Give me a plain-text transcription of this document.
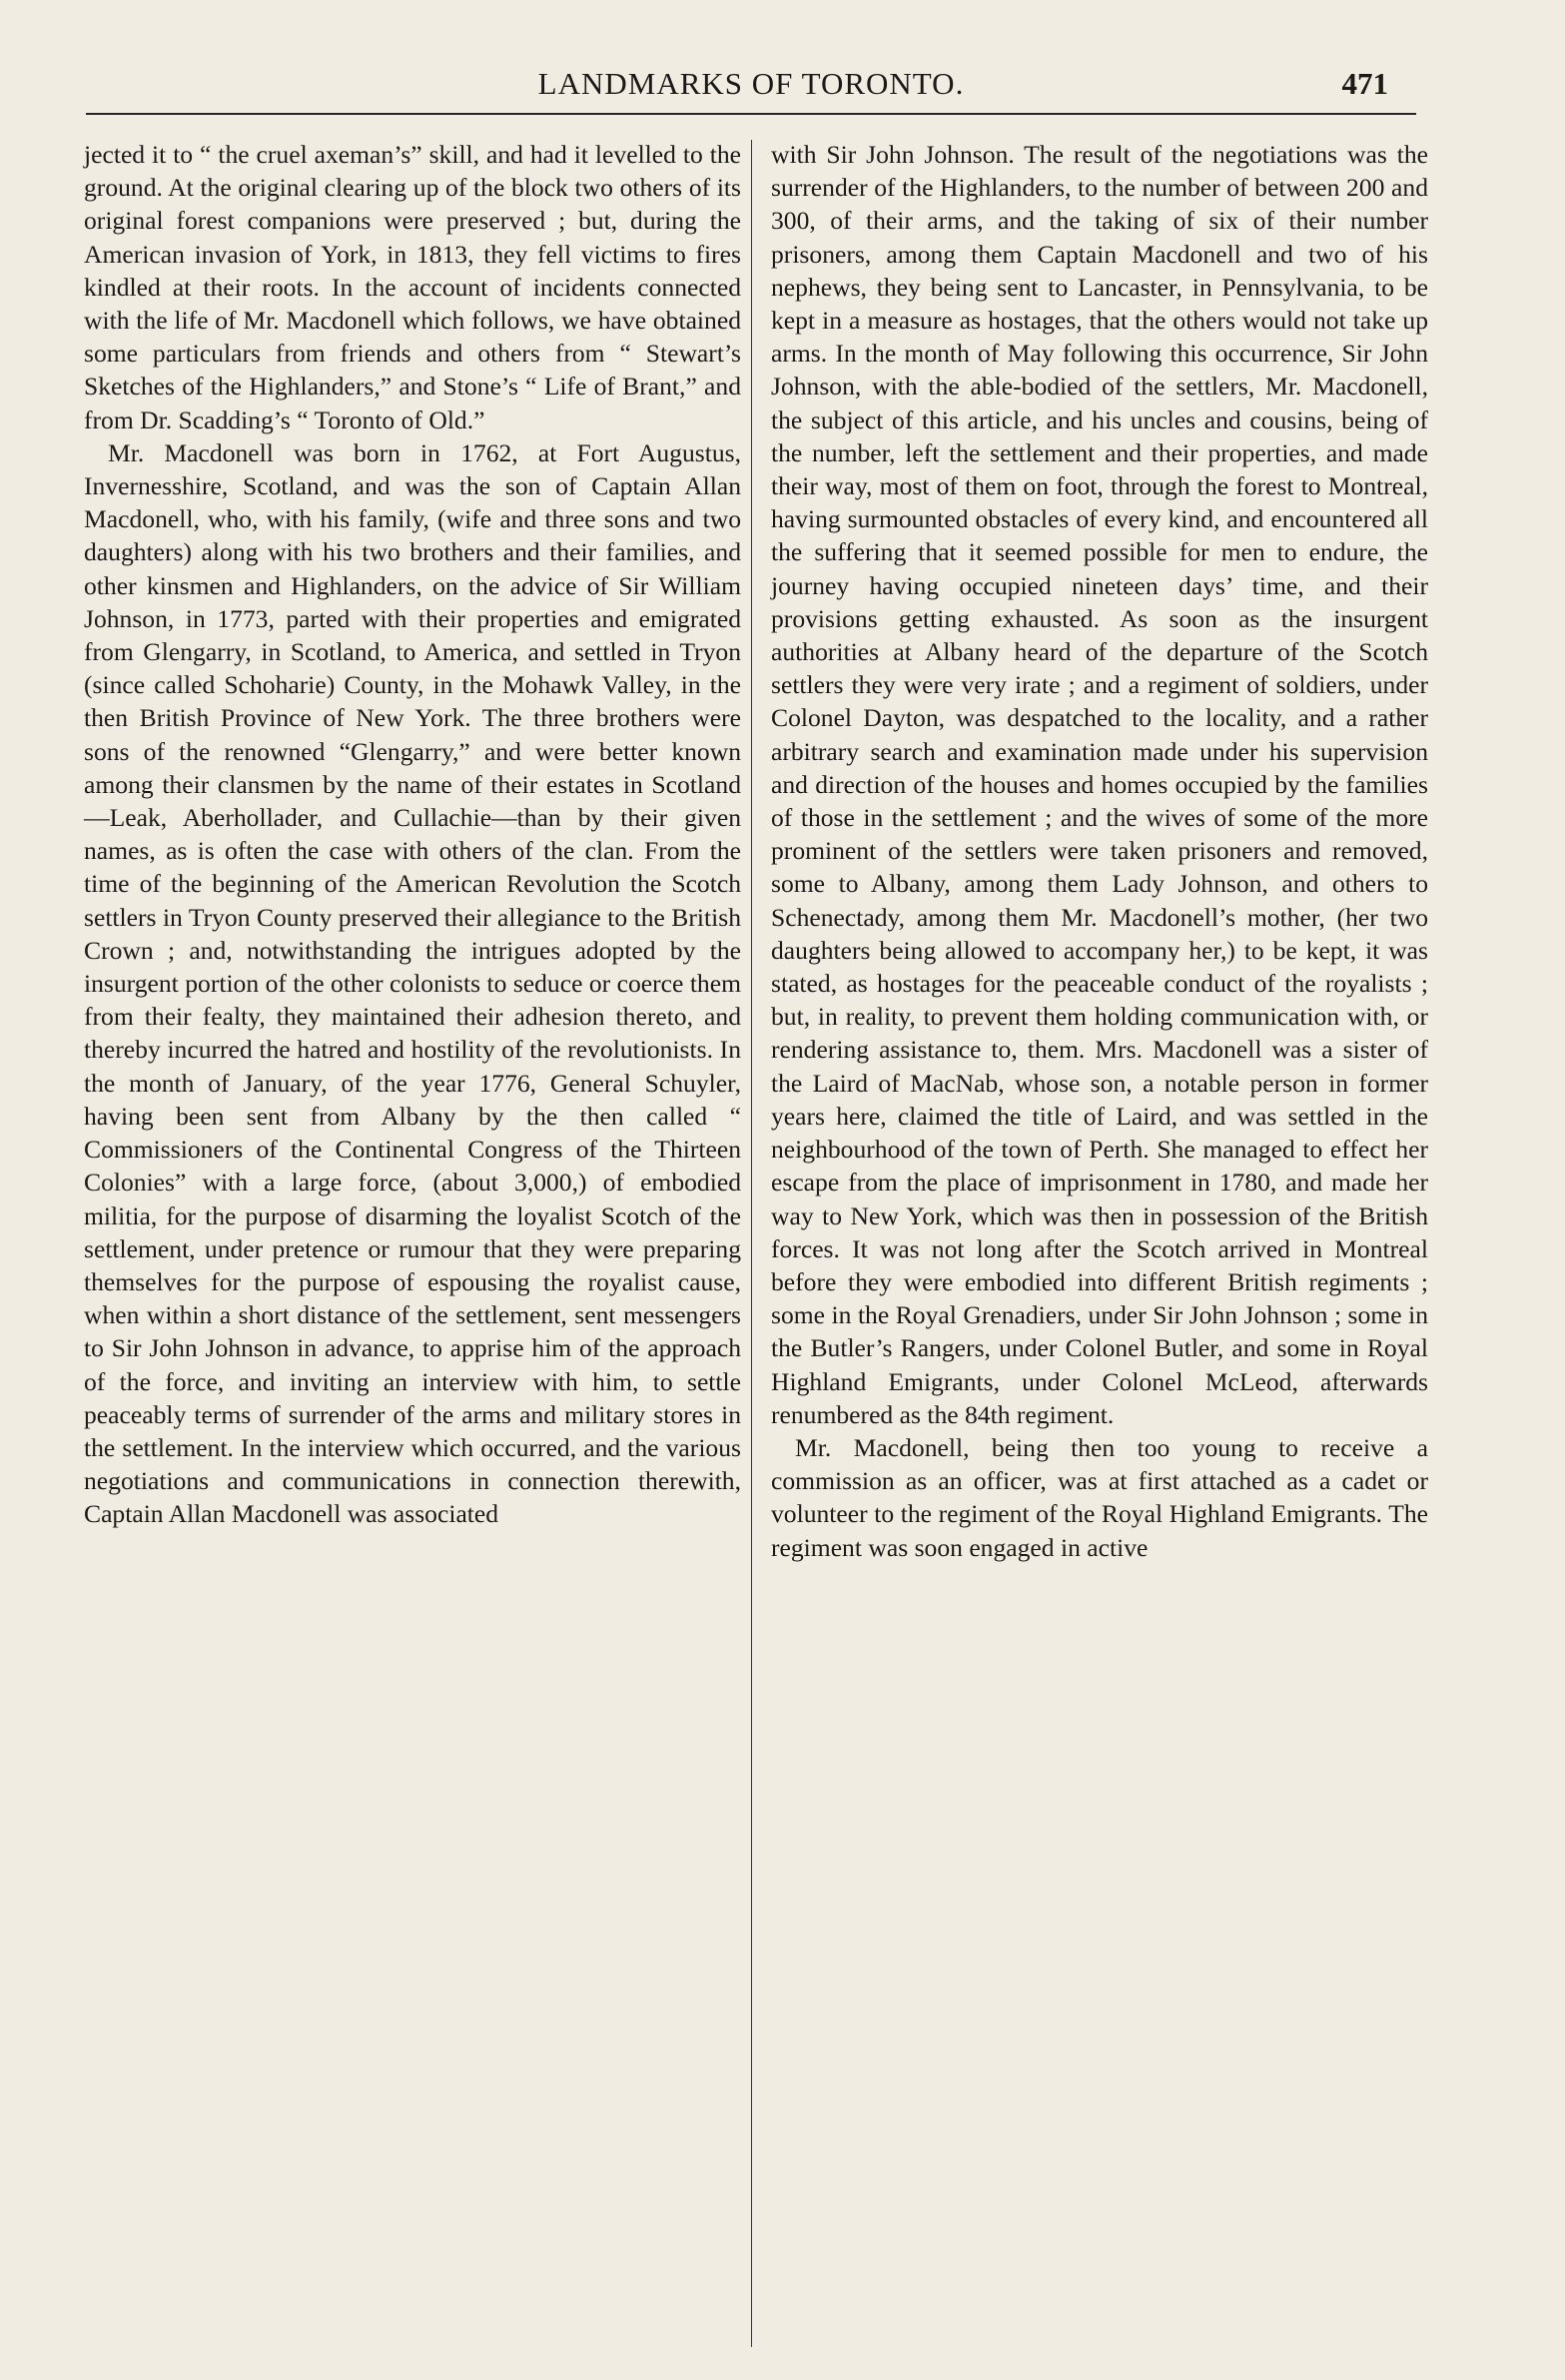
LANDMARKS OF TORONTO.	471

jected it to “ the cruel axeman’s” skill, and had it levelled to the ground. At the original clearing up of the block two others of its original forest companions were preserved ; but, during the American invasion of York, in 1813, they fell victims to fires kindled at their roots. In the account of incidents connected with the life of Mr. Macdonell which follows, we have obtained some particulars from friends and others from “ Stewart’s Sketches of the Highlanders,” and Stone’s “ Life of Brant,” and from Dr. Scadding’s “ Toronto of Old.”

Mr. Macdonell was born in 1762, at Fort Augustus, Invernesshire, Scotland, and was the son of Captain Allan Macdonell, who, with his family, (wife and three sons and two daughters) along with his two brothers and their families, and other kinsmen and Highlanders, on the advice of Sir William Johnson, in 1773, parted with their properties and emigrated from Glengarry, in Scotland, to America, and settled in Tryon (since called Schoharie) County, in the Mohawk Valley, in the then British Province of New York. The three brothers were sons of the renowned “Glengarry,” and were better known among their clansmen by the name of their estates in Scotland—Leak, Aberhollader, and Cullachie—than by their given names, as is often the case with others of the clan. From the time of the beginning of the American Revolution the Scotch settlers in Tryon County preserved their allegiance to the British Crown ; and, notwithstanding the intrigues adopted by the insurgent portion of the other colonists to seduce or coerce them from their fealty, they maintained their adhesion thereto, and thereby incurred the hatred and hostility of the revolutionists. In the month of January, of the year 1776, General Schuyler, having been sent from Albany by the then called “ Commissioners of the Continental Congress of the Thirteen Colonies” with a large force, (about 3,000,) of embodied militia, for the purpose of disarming the loyalist Scotch of the settlement, under pretence or rumour that they were preparing themselves for the purpose of espousing the royalist cause, when within a short distance of the settlement, sent messengers to Sir John Johnson in advance, to apprise him of the approach of the force, and inviting an interview with him, to settle peaceably terms of surrender of the arms and military stores in the settlement. In the interview which occurred, and the various negotiations and communications in connection therewith, Captain Allan Macdonell was associated

with Sir John Johnson. The result of the negotiations was the surrender of the Highlanders, to the number of between 200 and 300, of their arms, and the taking of six of their number prisoners, among them Captain Macdonell and two of his nephews, they being sent to Lancaster, in Pennsylvania, to be kept in a measure as hostages, that the others would not take up arms. In the month of May following this occurrence, Sir John Johnson, with the able-bodied of the settlers, Mr. Macdonell, the subject of this article, and his uncles and cousins, being of the number, left the settlement and their properties, and made their way, most of them on foot, through the forest to Montreal, having surmounted obstacles of every kind, and encountered all the suffering that it seemed possible for men to endure, the journey having occupied nineteen days’ time, and their provisions getting exhausted. As soon as the insurgent authorities at Albany heard of the departure of the Scotch settlers they were very irate ; and a regiment of soldiers, under Colonel Dayton, was despatched to the locality, and a rather arbitrary search and examination made under his supervision and direction of the houses and homes occupied by the families of those in the settlement ; and the wives of some of the more prominent of the settlers were taken prisoners and removed, some to Albany, among them Lady Johnson, and others to Schenectady, among them Mr. Macdonell’s mother, (her two daughters being allowed to accompany her,) to be kept, it was stated, as hostages for the peaceable conduct of the royalists ; but, in reality, to prevent them holding communication with, or rendering assistance to, them. Mrs. Macdonell was a sister of the Laird of MacNab, whose son, a notable person in former years here, claimed the title of Laird, and was settled in the neighbourhood of the town of Perth. She managed to effect her escape from the place of imprisonment in 1780, and made her way to New York, which was then in possession of the British forces. It was not long after the Scotch arrived in Montreal before they were embodied into different British regiments ; some in the Royal Grenadiers, under Sir John Johnson ; some in the Butler’s Rangers, under Colonel Butler, and some in Royal Highland Emigrants, under Colonel McLeod, afterwards renumbered as the 84th regiment.

Mr. Macdonell, being then too young to receive a commission as an officer, was at first attached as a cadet or volunteer to the regiment of the Royal Highland Emigrants. The regiment was soon engaged in active
